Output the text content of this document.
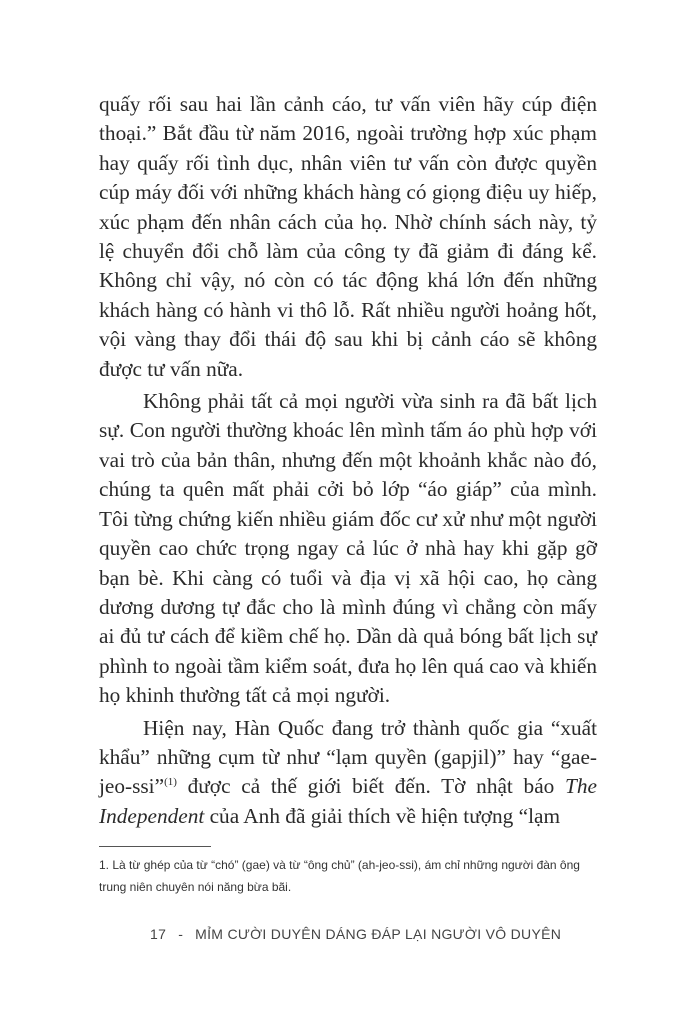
quấy rối sau hai lần cảnh cáo, tư vấn viên hãy cúp điện thoại.” Bắt đầu từ năm 2016, ngoài trường hợp xúc phạm hay quấy rối tình dục, nhân viên tư vấn còn được quyền cúp máy đối với những khách hàng có giọng điệu uy hiếp, xúc phạm đến nhân cách của họ. Nhờ chính sách này, tỷ lệ chuyển đổi chỗ làm của công ty đã giảm đi đáng kể. Không chỉ vậy, nó còn có tác động khá lớn đến những khách hàng có hành vi thô lỗ. Rất nhiều người hoảng hốt, vội vàng thay đổi thái độ sau khi bị cảnh cáo sẽ không được tư vấn nữa.

Không phải tất cả mọi người vừa sinh ra đã bất lịch sự. Con người thường khoác lên mình tấm áo phù hợp với vai trò của bản thân, nhưng đến một khoảnh khắc nào đó, chúng ta quên mất phải cởi bỏ lớp “áo giáp” của mình. Tôi từng chứng kiến nhiều giám đốc cư xử như một người quyền cao chức trọng ngay cả lúc ở nhà hay khi gặp gỡ bạn bè. Khi càng có tuổi và địa vị xã hội cao, họ càng dương dương tự đắc cho là mình đúng vì chẳng còn mấy ai đủ tư cách để kiềm chế họ. Dần dà quả bóng bất lịch sự phình to ngoài tầm kiểm soát, đưa họ lên quá cao và khiến họ khinh thường tất cả mọi người.

Hiện nay, Hàn Quốc đang trở thành quốc gia “xuất khẩu” những cụm từ như “lạm quyền (gapjil)” hay “gae-jeo-ssi”$^{(1)}$ được cả thế giới biết đến. Tờ nhật báo The Independent của Anh đã giải thích về hiện tượng “lạm

1. Là từ ghép của từ “chó” (gae) và từ “ông chủ” (ah-jeo-ssi), ám chỉ những người đàn ông trung niên chuyên nói năng bừa bãi.
17 - MỈM CƯỜI DUYÊN DÁNG ĐÁP LẠI NGƯỜI VÔ DUYÊN
